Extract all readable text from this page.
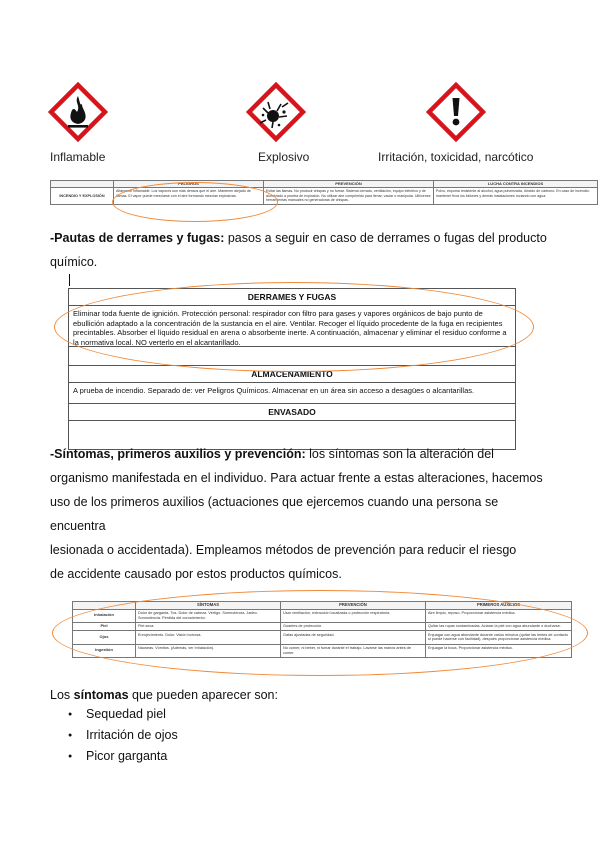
Inflamable	Explosivo	Irritación, toxicidad, narcótico
	PELIGROS	PREVENCIÓN	LUCHA CONTRA INCENDIOS
INCENDIO Y EXPLOSIÓN	Altamente inflamable. Los vapores son más densos que el aire. Mantener alejado de llamas. El vapor puede mezclarse con el aire formando mezclas explosivas.	Evitar las llamas. No producir chispas y no fumar. Sistema cerrado, ventilación, equipo eléctrico y de alumbrado a prueba de explosión. No utilizar aire comprimido para llenar, vaciar o manipular. Utilícense herramientas manuales no generadoras de chispas.	Polvo, espuma resistente al alcohol, agua pulverizada, dióxido de carbono. En caso de incendio: mantener fríos los bidones y demás instalaciones rociando con agua.
-Pautas de derrames y fugas: pasos a seguir en caso de derrames o fugas del producto químico.
DERRAMES Y FUGAS
Eliminar toda fuente de ignición. Protección personal: respirador con filtro para gases y vapores orgánicos de bajo punto de ebullición adaptado a la concentración de la sustancia en el aire. Ventilar. Recoger el líquido procedente de la fuga en recipientes precintables. Absorber el líquido residual en arena o absorbente inerte. A continuación, almacenar y eliminar el residuo conforme a la normativa local. NO verterlo en el alcantarillado.
ALMACENAMIENTO
A prueba de incendio. Separado de: ver Peligros Químicos. Almacenar en un área sin acceso a desagües o alcantarillas.
ENVASADO
-Síntomas, primeros auxilios y prevención: los síntomas son la alteración del
organismo manifestada en el individuo. Para actuar frente a estas alteraciones, hacemos
uso de los primeros auxilios (actuaciones que ejercemos cuando una persona se encuentra
lesionada o accidentada). Empleamos métodos de prevención para reducir el riesgo
de accidente causado por estos productos químicos.
	SÍNTOMAS	PREVENCIÓN	PRIMEROS AUXILIOS
Inhalación	Dolor de garganta. Tos. Dolor de cabeza. Vértigo. Somnolencia. Jadeo. Somnolencia. Pérdida del conocimiento.	Usar ventilación, extracción localizada o protección respiratoria.	Aire limpio, reposo. Proporcionar asistencia médica.
Piel	Piel seca.	Guantes de protección.	Quitar las ropas contaminadas. Aclarar la piel con agua abundante o ducharse.
Ojos	Enrojecimiento. Dolor. Visión borrosa.	Gafas ajustadas de seguridad.	Enjuagar con agua abundante durante varios minutos (quitar las lentes de contacto si puede hacerse con facilidad), después proporcionar asistencia médica.
Ingestión	Náuseas. Vómitos. (Además, ver Inhalación).	No comer, ni beber, ni fumar durante el trabajo. Lavarse las manos antes de comer.	Enjuagar la boca. Proporcionar asistencia médica.
Los síntomas que pueden aparecer son:
● Sequedad piel
● Irritación de ojos
● Picor garganta
